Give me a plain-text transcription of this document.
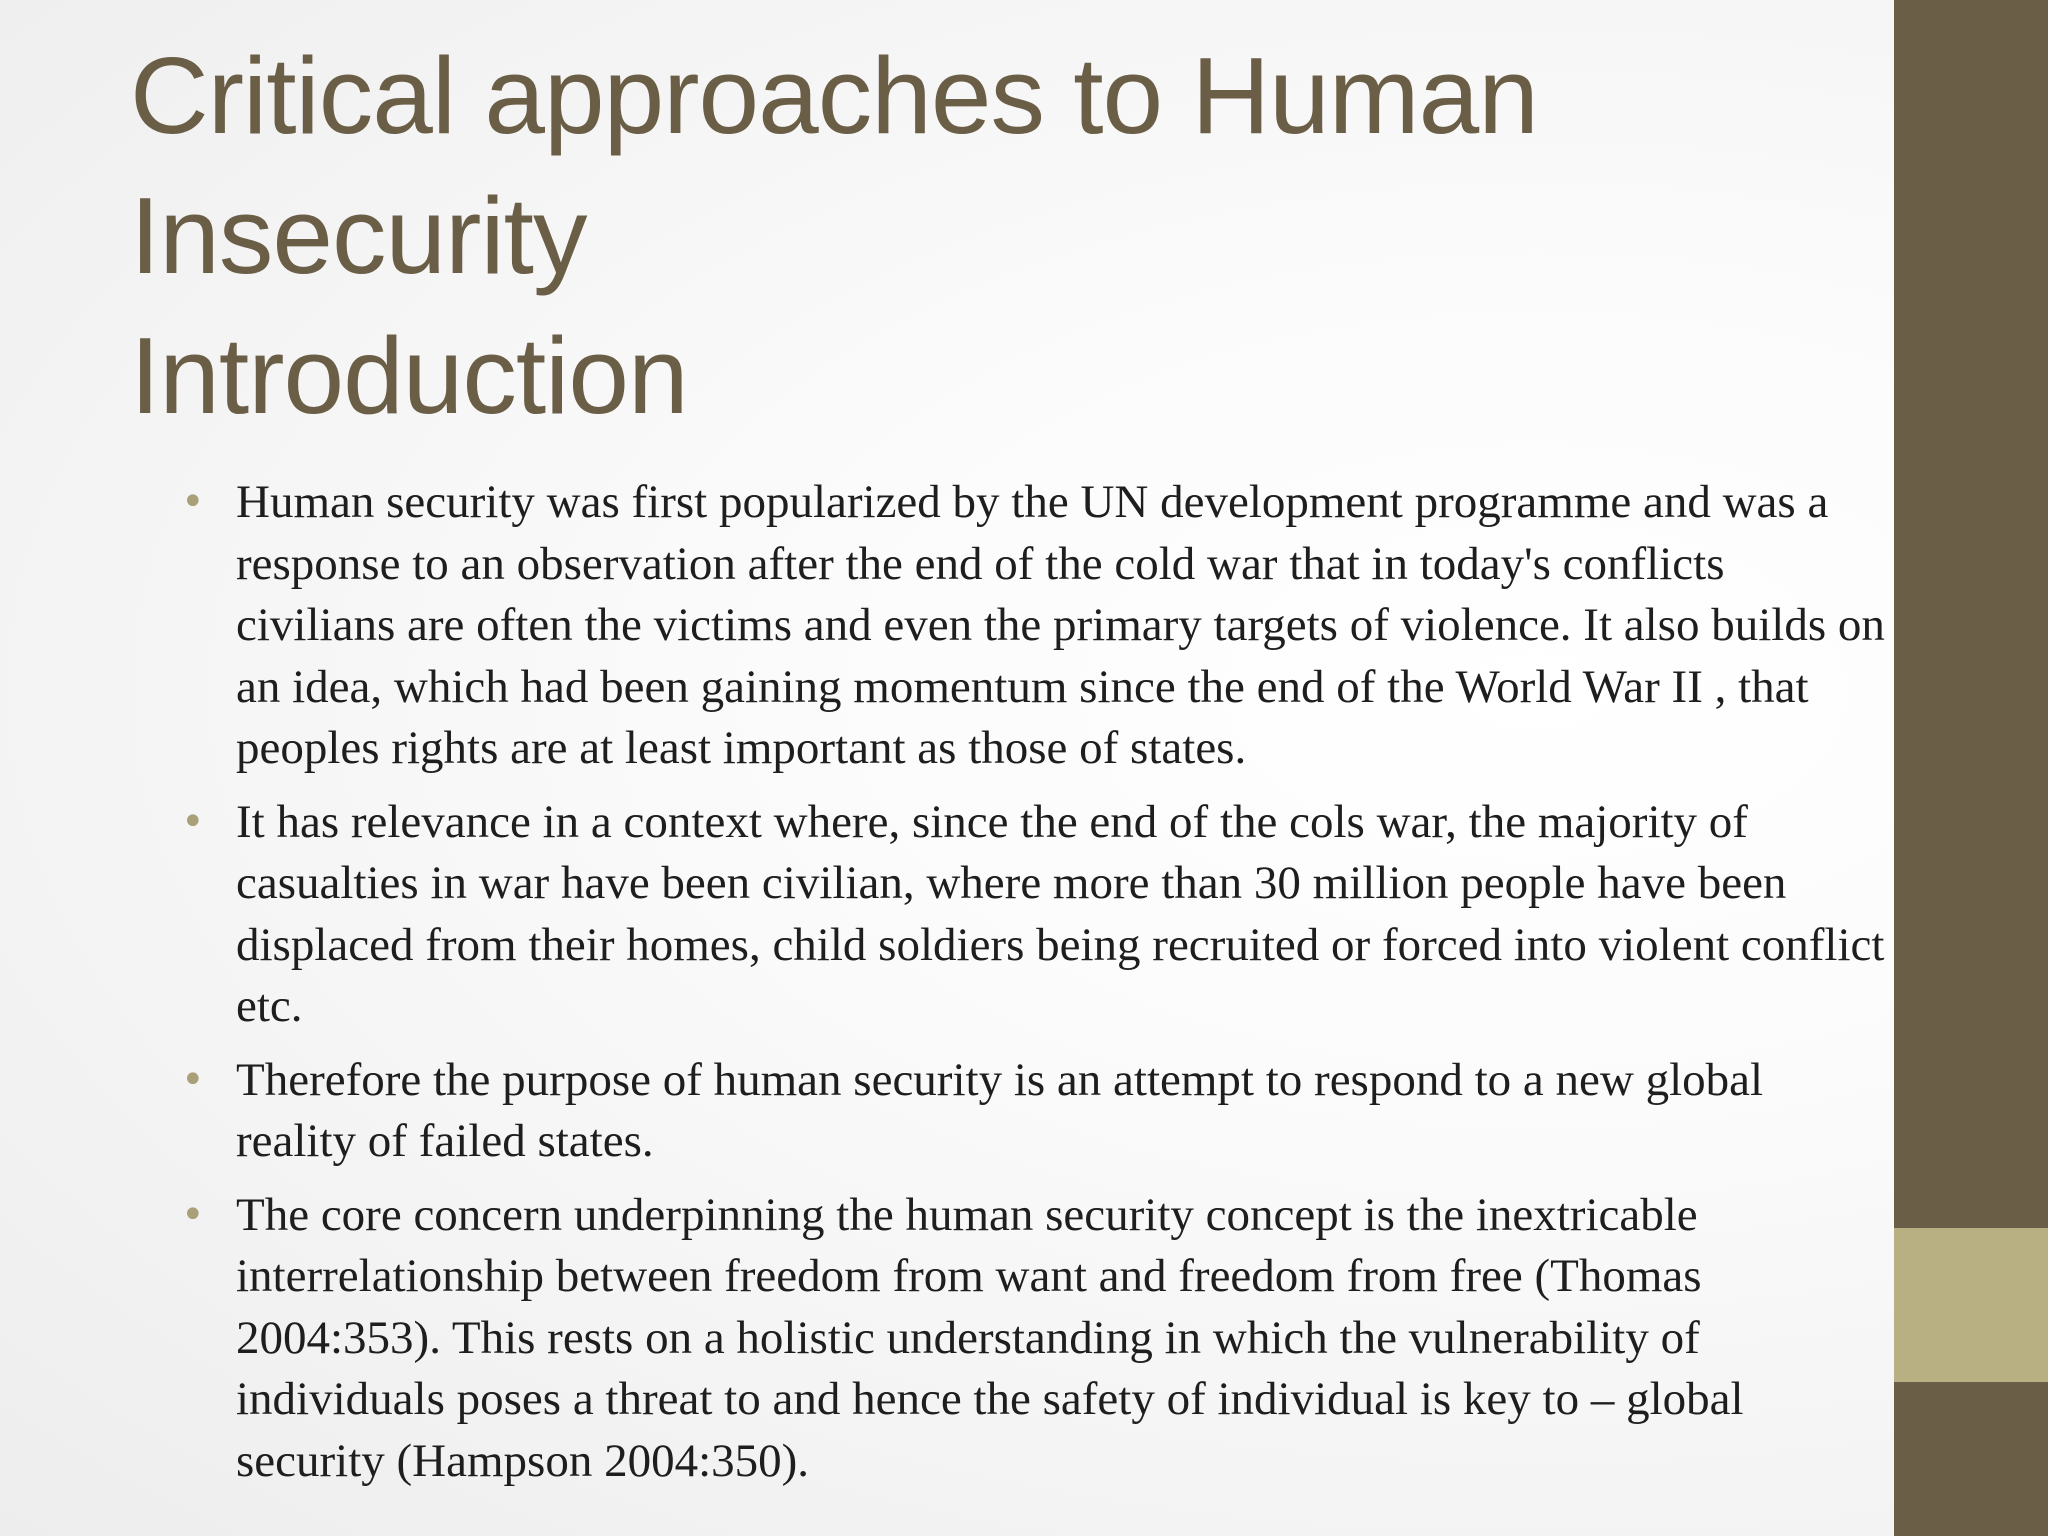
Critical approaches to Human
Insecurity
Introduction
• Human security was first popularized by the UN development programme and was a response to an observation after the end of the cold war that in today's conflicts civilians are often the victims and even the primary targets of violence. It also builds on an idea, which had been gaining momentum since the end of the World War II , that peoples rights are at least important as those of states.
• It has relevance in a context where, since the end of the cols war, the majority of casualties in war have been civilian, where more than 30 million people have been displaced from their homes, child soldiers being recruited or forced into violent conflict etc.
• Therefore the purpose of human security is an attempt to respond to a new global reality of failed states.
• The core concern underpinning the human security concept is the inextricable interrelationship between freedom from want and freedom from free (Thomas 2004:353). This rests on a holistic understanding in which the vulnerability of individuals poses a threat to and hence the safety of individual is key to – global security (Hampson 2004:350).
